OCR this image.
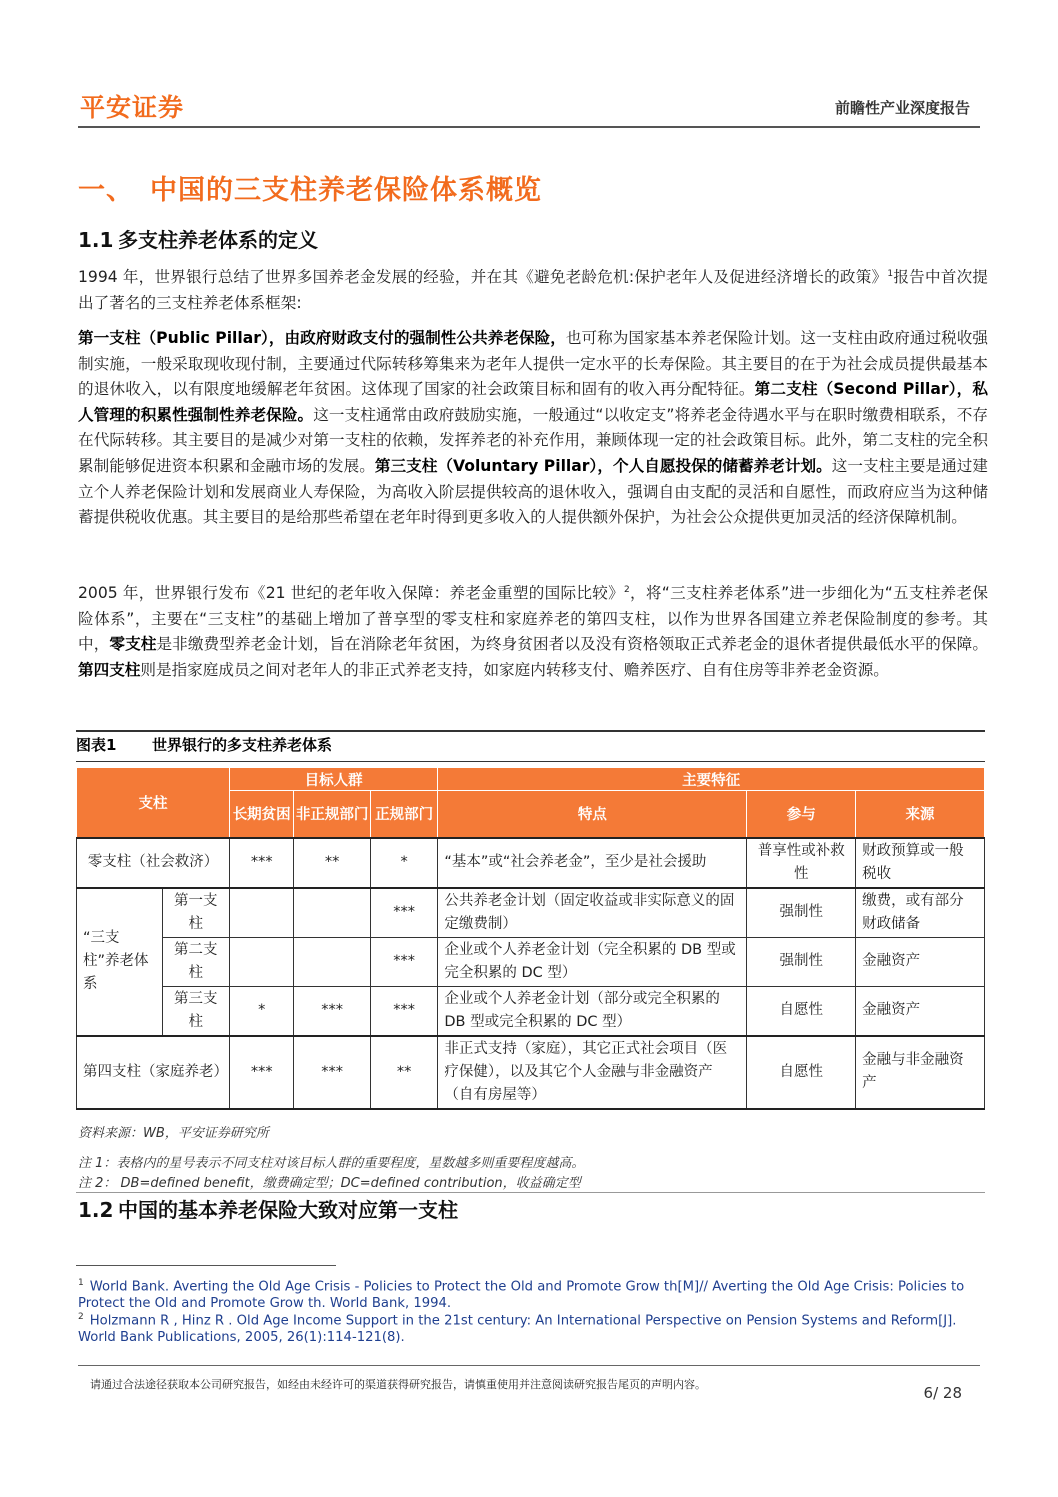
平安证券	前瞻性产业深度报告
一、 中国的三支柱养老保险体系概览
1.1 多支柱养老体系的定义
1994 年，世界银行总结了世界多国养老金发展的经验，并在其《避免老龄危机:保护老年人及促进经济增长的政策》$^1$报告中首次提出了著名的三支柱养老体系框架:
第一支柱（Public Pillar），由政府财政支付的强制性公共养老保险，也可称为国家基本养老保险计划。这一支柱由政府通过税收强制实施，一般采取现收现付制，主要通过代际转移筹集来为老年人提供一定水平的长寿保险。其主要目的在于为社会成员提供最基本的退休收入，以有限度地缓解老年贫困。这体现了国家的社会政策目标和固有的收入再分配特征。第二支柱（Second Pillar），私人管理的积累性强制性养老保险。这一支柱通常由政府鼓励实施，一般通过“以收定支”将养老金待遇水平与在职时缴费相联系，不存在代际转移。其主要目的是减少对第一支柱的依赖，发挥养老的补充作用，兼顾体现一定的社会政策目标。此外，第二支柱的完全积累制能够促进资本积累和金融市场的发展。第三支柱（Voluntary Pillar），个人自愿投保的储蓄养老计划。这一支柱主要是通过建立个人养老保险计划和发展商业人寿保险，为高收入阶层提供较高的退休收入，强调自由支配的灵活和自愿性，而政府应当为这种储蓄提供税收优惠。其主要目的是给那些希望在老年时得到更多收入的人提供额外保护，为社会公众提供更加灵活的经济保障机制。
2005 年，世界银行发布《21 世纪的老年收入保障：养老金重塑的国际比较》$^2$，将“三支柱养老体系”进一步细化为“五支柱养老保险体系”，主要在“三支柱”的基础上增加了普享型的零支柱和家庭养老的第四支柱，以作为世界各国建立养老保险制度的参考。其中，零支柱是非缴费型养老金计划，旨在消除老年贫困，为终身贫困者以及没有资格领取正式养老金的退休者提供最低水平的保障。第四支柱则是指家庭成员之间对老年人的非正式养老支持，如家庭内转移支付、赡养医疗、自有住房等非养老金资源。
图表1 世界银行的多支柱养老体系
支柱		目标人群			主要特征		
		长期贫困	非正规部门	正规部门	特点	参与	来源
零支柱（社会救济）		***	**	*	“基本”或“社会养老金”，至少是社会援助	普享性或补救性	财政预算或一般税收
“三支柱”养老体系	第一支柱			***	公共养老金计划（固定收益或非实际意义的固定缴费制）	强制性	缴费，或有部分财政储备
	第二支柱			***	企业或个人养老金计划（完全积累的 DB 型或完全积累的 DC 型）	强制性	金融资产
	第三支柱	*	***	***	企业或个人养老金计划（部分或完全积累的 DB 型或完全积累的 DC 型）	自愿性	金融资产
第四支柱（家庭养老）		***	***	**	非正式支持（家庭），其它正式社会项目（医疗保健），以及其它个人金融与非金融资产（自有房屋等）	自愿性	金融与非金融资产
资料来源：WB，平安证券研究所
注 1：表格内的星号表示不同支柱对该目标人群的重要程度，星数越多则重要程度越高。
注 2： DB=defined benefit，缴费确定型；DC=defined contribution，收益确定型
1.2 中国的基本养老保险大致对应第一支柱
$^1$ World Bank. Averting the Old Age Crisis - Policies to Protect the Old and Promote Grow th[M]// Averting the Old Age Crisis: Policies to Protect the Old and Promote Grow th. World Bank, 1994.
$^2$ Holzmann R , Hinz R . Old Age Income Support in the 21st century: An International Perspective on Pension Systems and Reform[J]. World Bank Publications, 2005, 26(1):114-121(8).
请通过合法途径获取本公司研究报告，如经由未经许可的渠道获得研究报告，请慎重使用并注意阅读研究报告尾页的声明内容。	6/ 28
